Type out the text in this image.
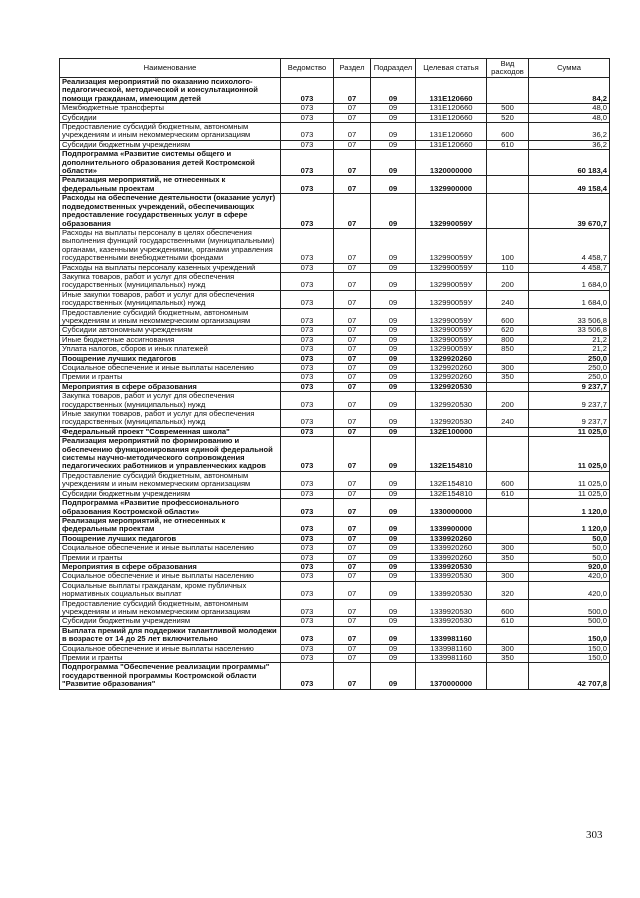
Наименование	Ведомство	Раздел	Подраздел	Целевая статья	Вид расходов	Сумма
Реализация мероприятий по оказанию психолого-педагогической, методической и консультационной помощи гражданам, имеющим детей	073	07	09	131E120660		84,2
Межбюджетные трансферты	073	07	09	131E120660	500	48,0
Субсидии	073	07	09	131E120660	520	48,0
Предоставление субсидий бюджетным, автономным учреждениям и иным некоммерческим организациям	073	07	09	131E120660	600	36,2
Субсидии бюджетным учреждениям	073	07	09	131E120660	610	36,2
Подпрограмма «Развитие системы общего и дополнительного образования детей Костромской области»	073	07	09	1320000000		60 183,4
Реализация мероприятий, не отнесенных к федеральным проектам	073	07	09	1329900000		49 158,4
Расходы на обеспечение деятельности (оказание услуг) подведомственных учреждений, обеспечивающих предоставление государственных услуг в сфере образования	073	07	09	132990059У		39 670,7
Расходы на выплаты персоналу в целях обеспечения выполнения функций государственными (муниципальными) органами, казенными учреждениями, органами управления государственными внебюджетными фондами	073	07	09	132990059У	100	4 458,7
Расходы на выплаты персоналу казенных учреждений	073	07	09	132990059У	110	4 458,7
Закупка товаров, работ и услуг для обеспечения государственных (муниципальных) нужд	073	07	09	132990059У	200	1 684,0
Иные закупки товаров, работ и услуг для обеспечения государственных (муниципальных) нужд	073	07	09	132990059У	240	1 684,0
Предоставление субсидий бюджетным, автономным учреждениям и иным некоммерческим организациям	073	07	09	132990059У	600	33 506,8
Субсидии автономным учреждениям	073	07	09	132990059У	620	33 506,8
Иные бюджетные ассигнования	073	07	09	132990059У	800	21,2
Уплата налогов, сборов и иных платежей	073	07	09	132990059У	850	21,2
Поощрение лучших педагогов	073	07	09	1329920260		250,0
Социальное обеспечение и иные выплаты населению	073	07	09	1329920260	300	250,0
Премии и гранты	073	07	09	1329920260	350	250,0
Мероприятия в сфере образования	073	07	09	1329920530		9 237,7
Закупка товаров, работ и услуг для обеспечения государственных (муниципальных) нужд	073	07	09	1329920530	200	9 237,7
Иные закупки товаров, работ и услуг для обеспечения государственных (муниципальных) нужд	073	07	09	1329920530	240	9 237,7
Федеральный проект "Современная школа"	073	07	09	132E100000		11 025,0
Реализация мероприятий по формированию и обеспечению функционирования единой федеральной системы научно-методического сопровождения педагогических работников и управленческих кадров	073	07	09	132E154810		11 025,0
Предоставление субсидий бюджетным, автономным учреждениям и иным некоммерческим организациям	073	07	09	132E154810	600	11 025,0
Субсидии бюджетным учреждениям	073	07	09	132E154810	610	11 025,0
Подпрограмма «Развитие профессионального образования Костромской области»	073	07	09	1330000000		1 120,0
Реализация мероприятий, не отнесенных к федеральным проектам	073	07	09	1339900000		1 120,0
Поощрение лучших педагогов	073	07	09	1339920260		50,0
Социальное обеспечение и иные выплаты населению	073	07	09	1339920260	300	50,0
Премии и гранты	073	07	09	1339920260	350	50,0
Мероприятия в сфере образования	073	07	09	1339920530		920,0
Социальное обеспечение и иные выплаты населению	073	07	09	1339920530	300	420,0
Социальные выплаты гражданам, кроме публичных нормативных социальных выплат	073	07	09	1339920530	320	420,0
Предоставление субсидий бюджетным, автономным учреждениям и иным некоммерческим организациям	073	07	09	1339920530	600	500,0
Субсидии бюджетным учреждениям	073	07	09	1339920530	610	500,0
Выплата премий для поддержки талантливой молодежи в возрасте от 14 до 25 лет включительно	073	07	09	1339981160		150,0
Социальное обеспечение и иные выплаты населению	073	07	09	1339981160	300	150,0
Премии и гранты	073	07	09	1339981160	350	150,0
Подпрограмма "Обеспечение реализации программы" государственной программы Костромской области "Развитие образования"	073	07	09	1370000000		42 707,8
303
